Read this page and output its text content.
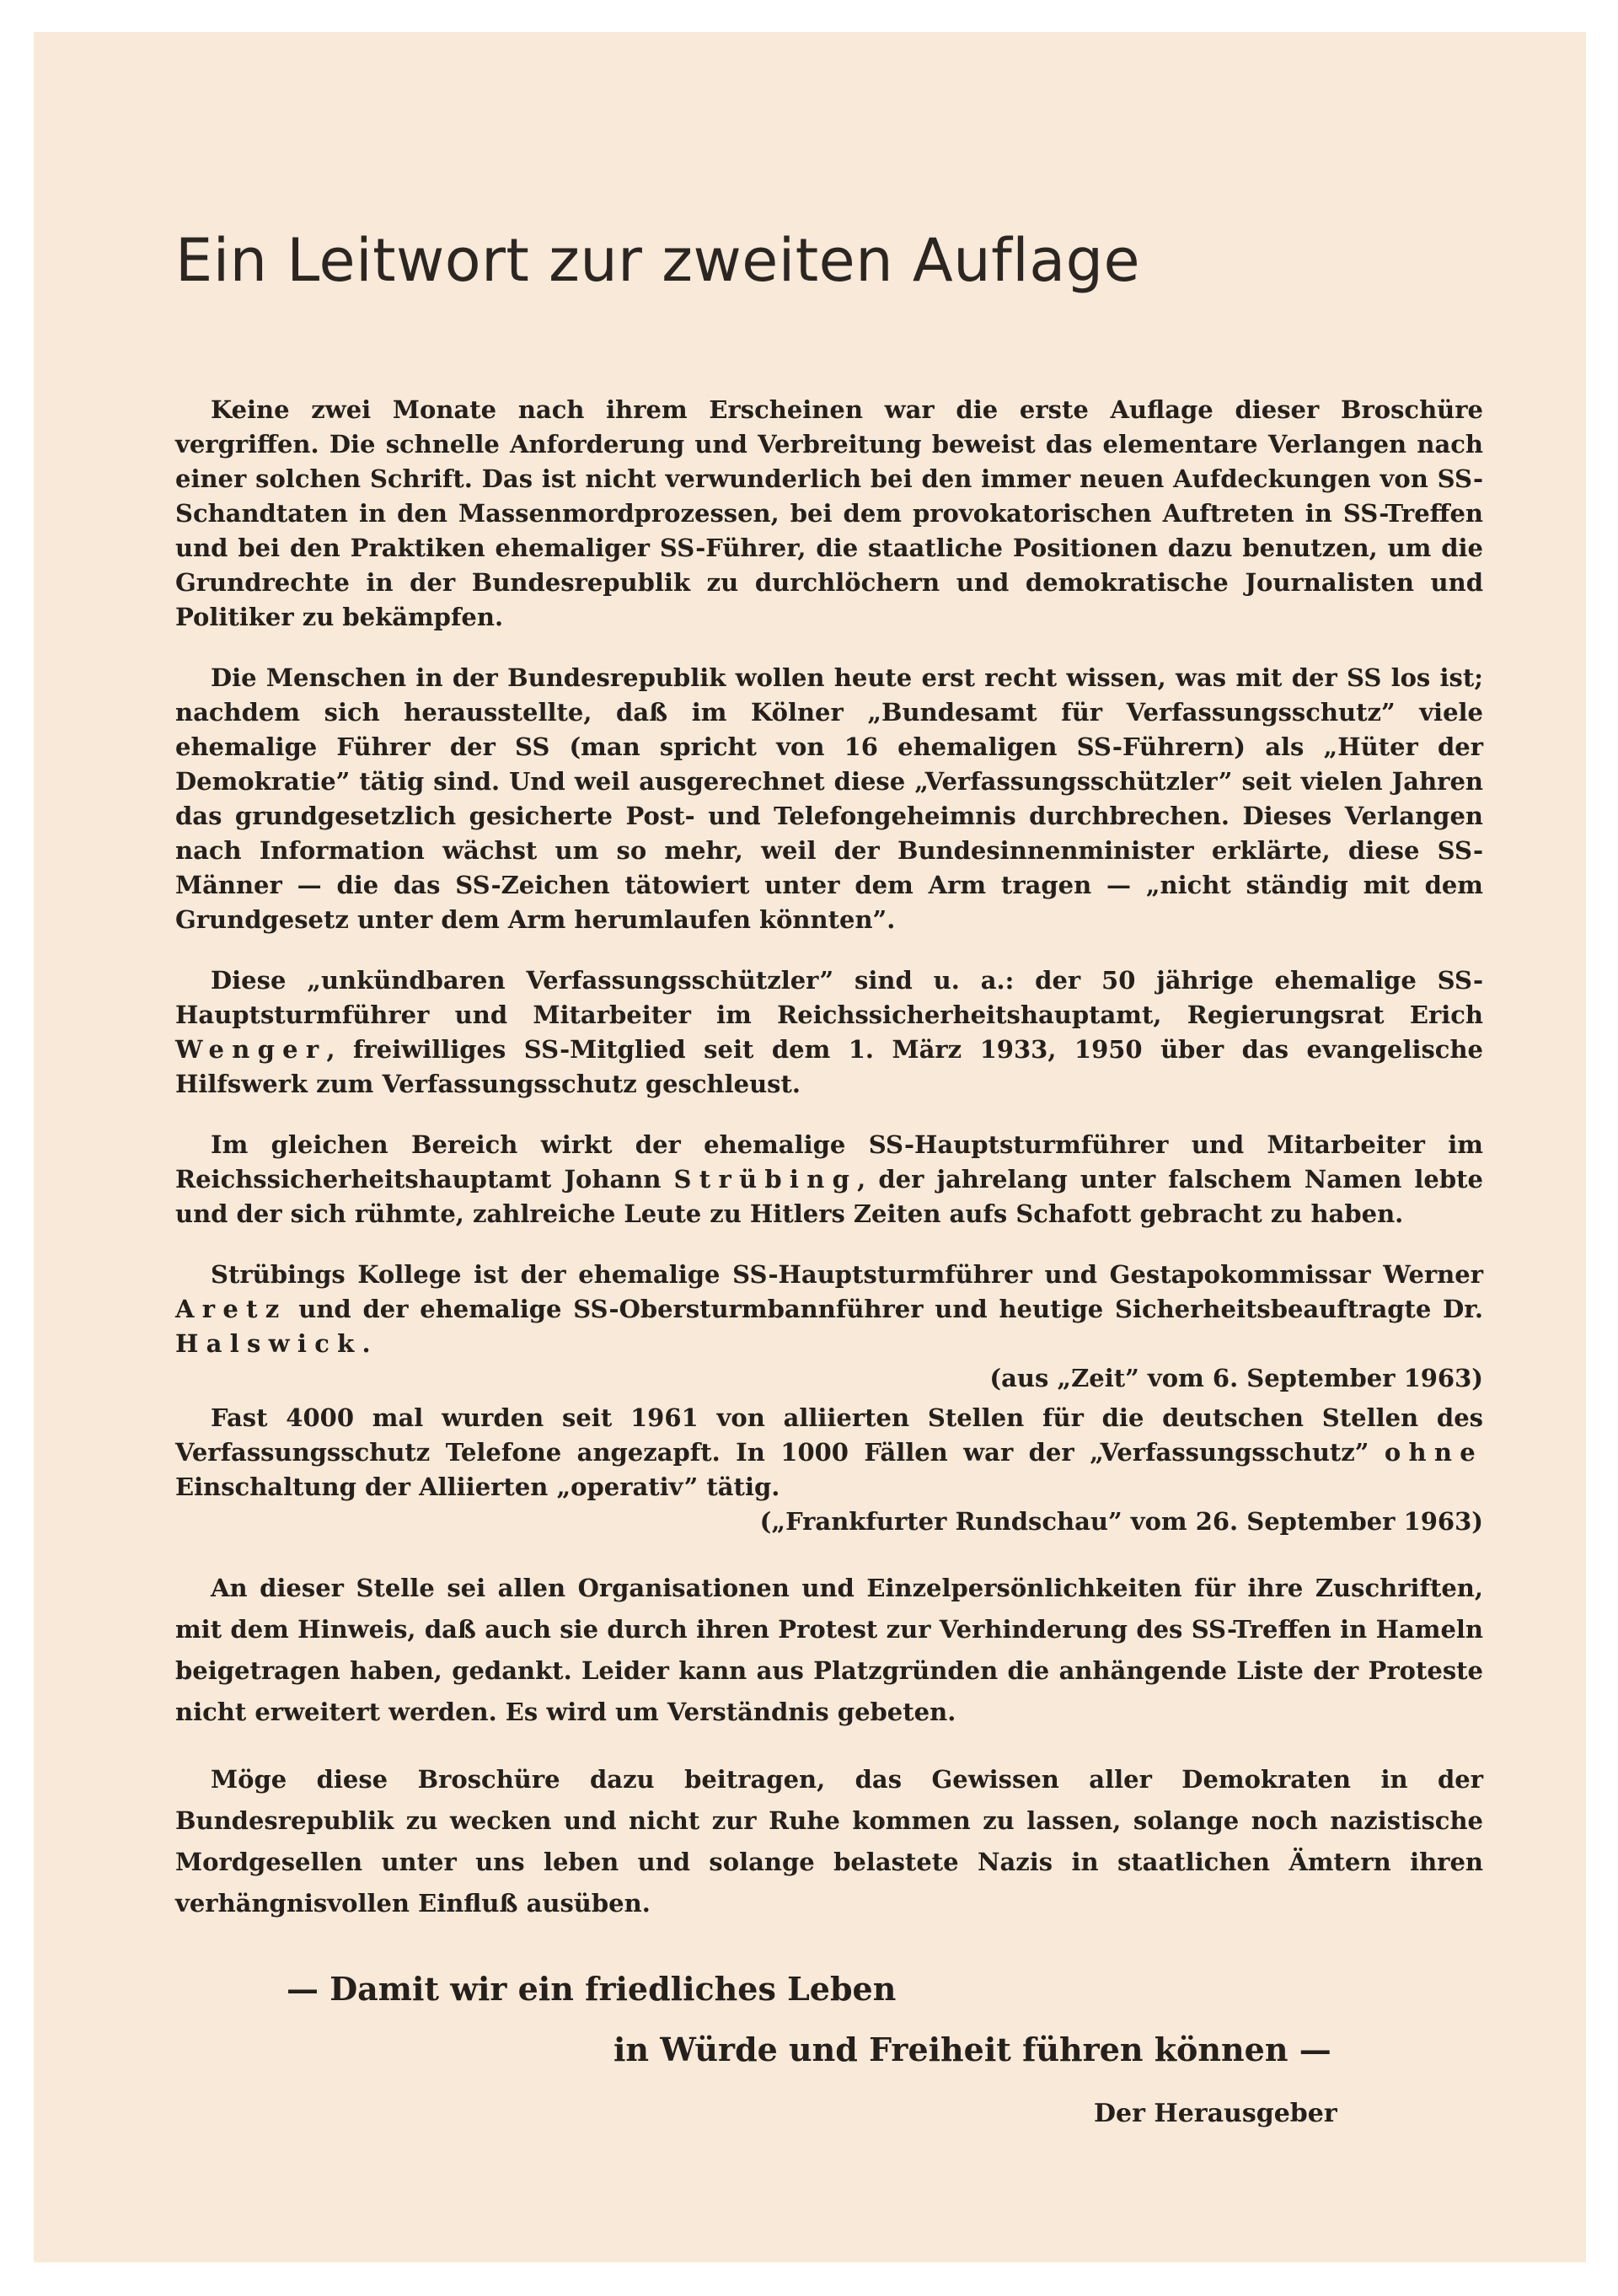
Ein Leitwort zur zweiten Auflage

Keine zwei Monate nach ihrem Erscheinen war die erste Auflage dieser Broschüre vergriffen. Die schnelle Anforderung und Verbreitung beweist das elementare Verlangen nach einer solchen Schrift. Das ist nicht verwunderlich bei den immer neuen Aufdeckungen von SS-Schandtaten in den Massenmordprozessen, bei dem provokatorischen Auftreten in SS-Treffen und bei den Praktiken ehemaliger SS-Führer, die staatliche Positionen dazu benutzen, um die Grundrechte in der Bundesrepublik zu durchlöchern und demokratische Journalisten und Politiker zu bekämpfen.

Die Menschen in der Bundesrepublik wollen heute erst recht wissen, was mit der SS los ist; nachdem sich herausstellte, daß im Kölner „Bundesamt für Verfassungsschutz” viele ehemalige Führer der SS (man spricht von 16 ehemaligen SS-Führern) als „Hüter der Demokratie” tätig sind. Und weil ausgerechnet diese „Verfassungsschützler” seit vielen Jahren das grundgesetzlich gesicherte Post- und Telefongeheimnis durchbrechen. Dieses Verlangen nach Information wächst um so mehr, weil der Bundesinnenminister erklärte, diese SS-Männer — die das SS-Zeichen tätowiert unter dem Arm tragen — „nicht ständig mit dem Grundgesetz unter dem Arm herumlaufen könnten”.

Diese „unkündbaren Verfassungsschützler” sind u. a.: der 50 jährige ehemalige SS-Hauptsturmführer und Mitarbeiter im Reichssicherheitshauptamt, Regierungsrat Erich Wenger, freiwilliges SS-Mitglied seit dem 1. März 1933, 1950 über das evangelische Hilfswerk zum Verfassungsschutz geschleust.

Im gleichen Bereich wirkt der ehemalige SS-Hauptsturmführer und Mitarbeiter im Reichssicherheitshauptamt Johann Strübing, der jahrelang unter falschem Namen lebte und der sich rühmte, zahlreiche Leute zu Hitlers Zeiten aufs Schafott gebracht zu haben.

Strübings Kollege ist der ehemalige SS-Hauptsturmführer und Gestapokommissar Werner Aretz und der ehemalige SS-Obersturmbannführer und heutige Sicherheitsbeauftragte Dr. Halswick.
(aus „Zeit” vom 6. September 1963)

Fast 4000 mal wurden seit 1961 von alliierten Stellen für die deutschen Stellen des Verfassungsschutz Telefone angezapft. In 1000 Fällen war der „Verfassungsschutz” ohne Einschaltung der Alliierten „operativ” tätig.
(„Frankfurter Rundschau” vom 26. September 1963)

An dieser Stelle sei allen Organisationen und Einzelpersönlichkeiten für ihre Zuschriften, mit dem Hinweis, daß auch sie durch ihren Protest zur Verhinderung des SS-Treffen in Hameln beigetragen haben, gedankt. Leider kann aus Platzgründen die anhängende Liste der Proteste nicht erweitert werden. Es wird um Verständnis gebeten.

Möge diese Broschüre dazu beitragen, das Gewissen aller Demokraten in der Bundesrepublik zu wecken und nicht zur Ruhe kommen zu lassen, solange noch nazistische Mordgesellen unter uns leben und solange belastete Nazis in staatlichen Ämtern ihren verhängnisvollen Einfluß ausüben.

— Damit wir ein friedliches Leben

in Würde und Freiheit führen können —

Der Herausgeber
